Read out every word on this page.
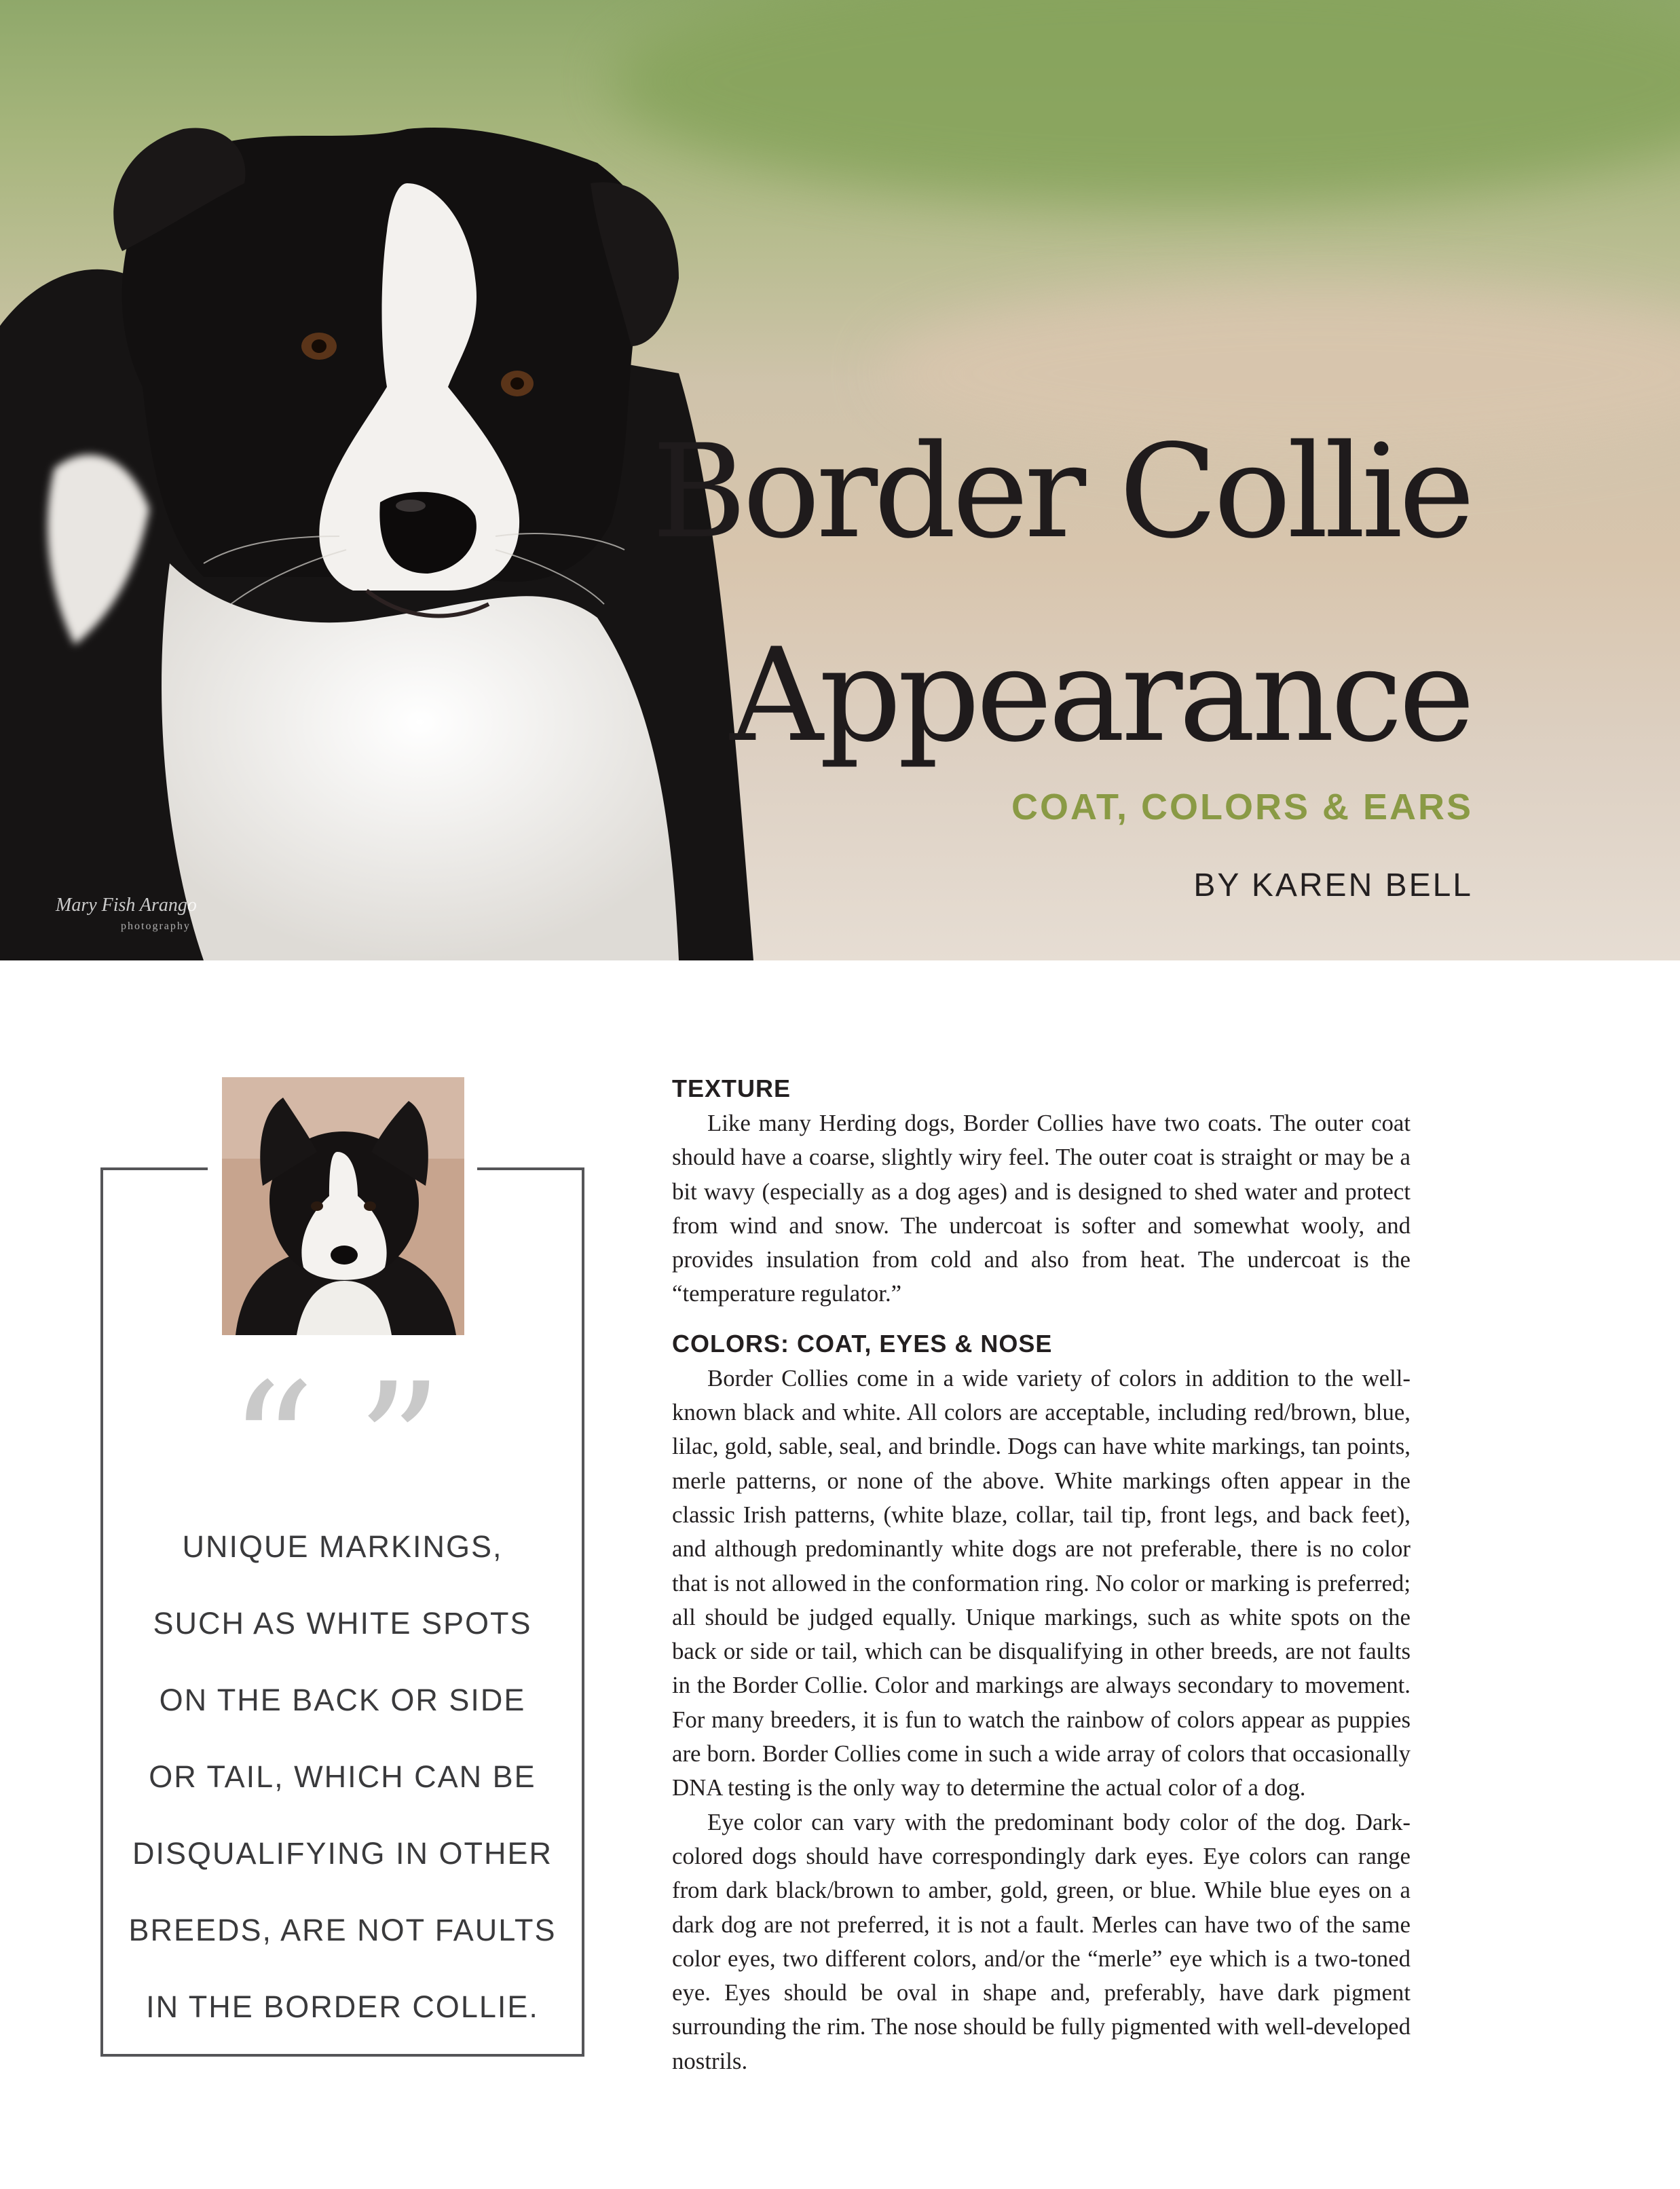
Border Collie
Appearance
COAT, COLORS & EARS
BY KAREN BELL
Mary Fish Arango
photography
“”

UNIQUE MARKINGS,
SUCH AS WHITE SPOTS
ON THE BACK OR SIDE
OR TAIL, WHICH CAN BE
DISQUALIFYING IN OTHER
BREEDS, ARE NOT FAULTS
IN THE BORDER COLLIE.

TEXTURE

Like many Herding dogs, Border Collies have two coats. The outer coat should have a coarse, slightly wiry feel. The outer coat is straight or may be a bit wavy (especially as a dog ages) and is designed to shed water and protect from wind and snow. The undercoat is softer and somewhat wooly, and provides insulation from cold and also from heat. The undercoat is the “temperature regulator.”

COLORS: COAT, EYES & NOSE

Border Collies come in a wide variety of colors in addition to the well-known black and white. All colors are acceptable, including red/brown, blue, lilac, gold, sable, seal, and brindle. Dogs can have white markings, tan points, merle patterns, or none of the above. White markings often appear in the classic Irish patterns, (white blaze, collar, tail tip, front legs, and back feet), and although predominantly white dogs are not preferable, there is no color that is not allowed in the conformation ring. No color or marking is preferred; all should be judged equally. Unique markings, such as white spots on the back or side or tail, which can be disqualifying in other breeds, are not faults in the Border Collie. Color and markings are always secondary to movement. For many breeders, it is fun to watch the rainbow of colors appear as puppies are born. Border Collies come in such a wide array of colors that occasionally DNA testing is the only way to determine the actual color of a dog.

Eye color can vary with the predominant body color of the dog. Dark-colored dogs should have correspondingly dark eyes. Eye colors can range from dark black/brown to amber, gold, green, or blue. While blue eyes on a dark dog are not preferred, it is not a fault. Merles can have two of the same color eyes, two different colors, and/or the “merle” eye which is a two-toned eye. Eyes should be oval in shape and, preferably, have dark pigment surrounding the rim. The nose should be fully pigmented with well-developed nostrils.
